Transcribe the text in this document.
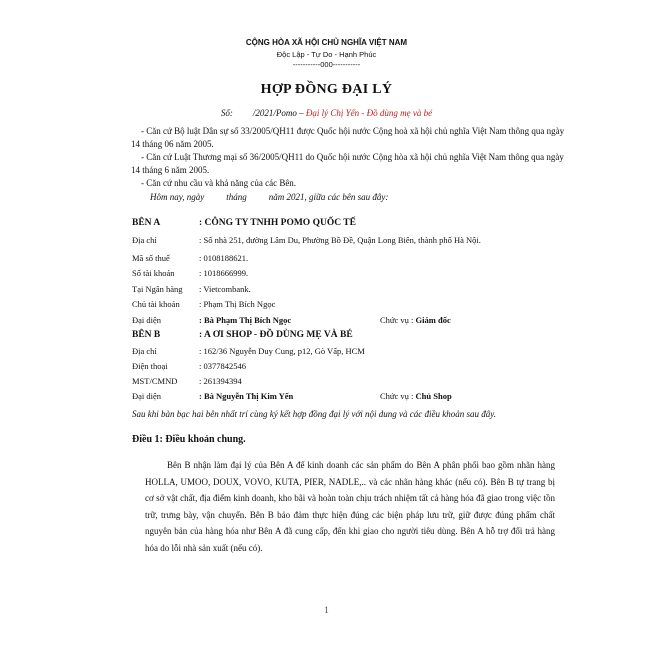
CỘNG HÒA XÃ HỘI CHỦ NGHĨA VIỆT NAM
Độc Lập - Tự Do - Hạnh Phúc
-----------000-----------
HỢP ĐỒNG ĐẠI LÝ
Số: /2021/Pomo – Đại lý Chị Yến - Đồ dùng mẹ và bé
- Căn cứ Bộ luật Dân sự số 33/2005/QH11 được Quốc hội nước Cộng hoà xã hội chủ nghĩa Việt Nam thông qua ngày 14 tháng 06 năm 2005.
- Căn cứ Luật Thương mại số 36/2005/QH11 do Quốc hội nước Cộng hòa xã hội chủ nghĩa Việt Nam thông qua ngày 14 tháng 6 năm 2005.
- Căn cứ nhu cầu và khả năng của các Bên.
Hôm nay, ngày tháng năm 2021, giữa các bên sau đây:
BÊN A	: CÔNG TY TNHH POMO QUỐC TẾ
Địa chỉ	: Số nhà 251, đường Lâm Du, Phường Bồ Đề, Quận Long Biên, thành phố Hà Nội.
Mã số thuế	: 0108188621.
Số tài khoản	: 1018666999.
Tại Ngân hàng : Vietcombank.
Chủ tài khoản : Phạm Thị Bích Ngọc
Đại diện	: Bà Phạm Thị Bích Ngọc	Chức vụ : Giám đốc
BÊN B	: A ƠI SHOP - ĐỒ DÙNG MẸ VÀ BÉ
Địa chỉ	: 162/36 Nguyễn Duy Cung, p12, Gò Vấp, HCM
Điện thoại	: 0377842546
MST/CMND	: 261394394
Đại diện	: Bà Nguyễn Thị Kim Yến	Chức vụ : Chủ Shop
Sau khi bàn bạc hai bên nhất trí cùng ký kết hợp đồng đại lý với nội dung và các điều khoản sau đây.
Điều 1: Điều khoản chung.
Bên B nhận làm đại lý của Bên A để kinh doanh các sản phẩm do Bên A phân phối bao gồm nhãn hàng HOLLA, UMOO, DOUX, VOVO, KUTA, PIER, NADLE,.. và các nhãn hàng khác (nếu có). Bên B tự trang bị cơ sở vật chất, địa điểm kinh doanh, kho bãi và hoàn toàn chịu trách nhiệm tất cả hàng hóa đã giao trong việc tồn trữ, trưng bày, vận chuyển. Bên B bảo đảm thực hiện đúng các biện pháp lưu trữ, giữ được đúng phẩm chất nguyên bản của hàng hóa như Bên A đã cung cấp, đến khi giao cho người tiêu dùng. Bên A hỗ trợ đổi trả hàng hóa do lỗi nhà sản xuất (nếu có).
1
